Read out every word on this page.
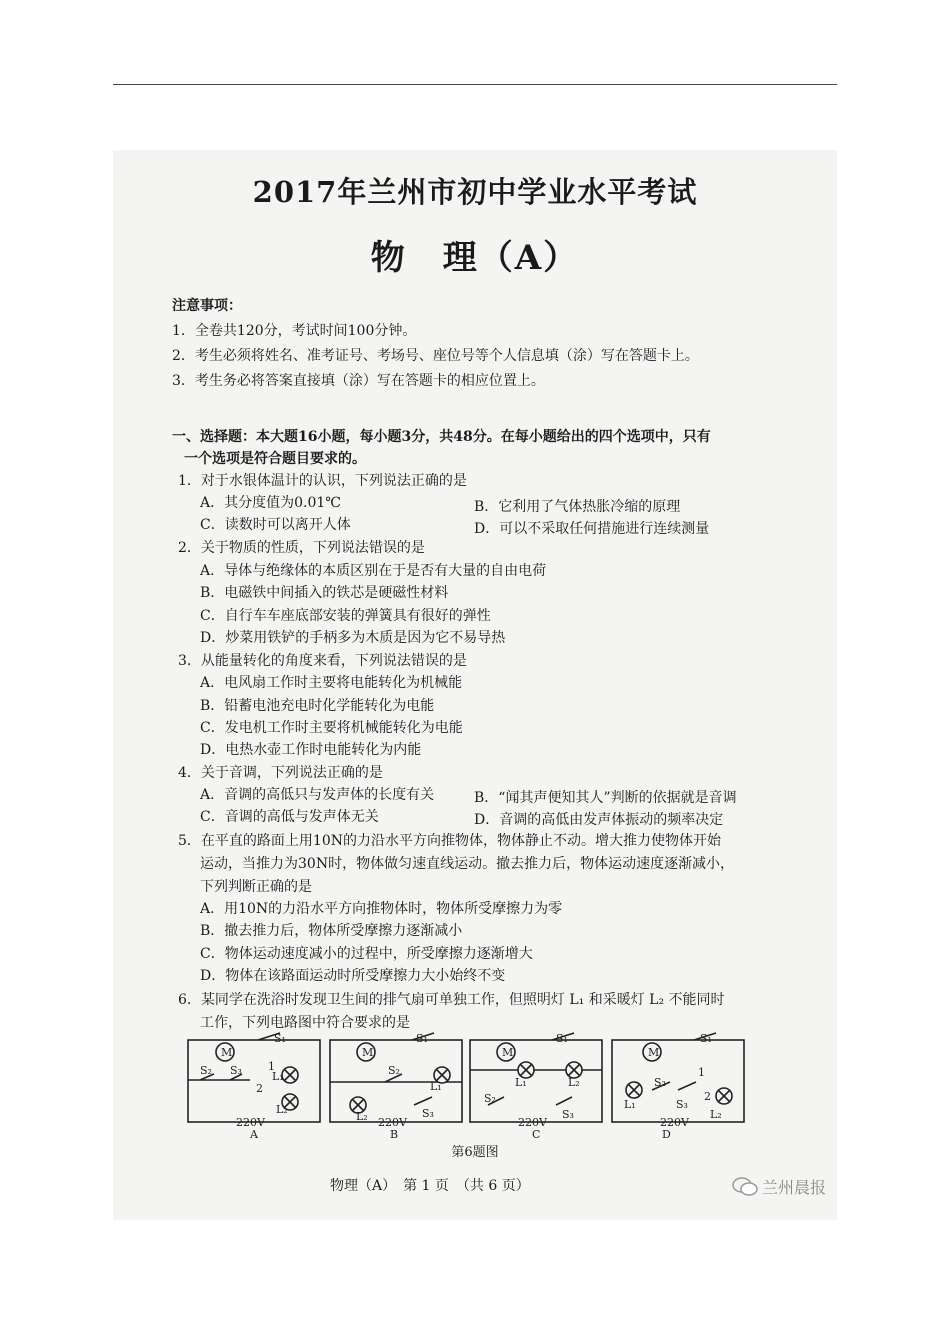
2017年兰州市初中学业水平考试
物　理（A）
注意事项：
1．全卷共120分，考试时间100分钟。
2．考生必须将姓名、准考证号、考场号、座位号等个人信息填（涂）写在答题卡上。
3．考生务必将答案直接填（涂）写在答题卡的相应位置上。
一、选择题：本大题16小题，每小题3分，共48分。在每小题给出的四个选项中，只有
一个选项是符合题目要求的。
1．对于水银体温计的认识，下列说法正确的是
A．其分度值为0.01℃	B．它利用了气体热胀冷缩的原理
C．读数时可以离开人体	D．可以不采取任何措施进行连续测量
2．关于物质的性质，下列说法错误的是
A．导体与绝缘体的本质区别在于是否有大量的自由电荷
B．电磁铁中间插入的铁芯是硬磁性材料
C．自行车车座底部安装的弹簧具有很好的弹性
D．炒菜用铁铲的手柄多为木质是因为它不易导热
3．从能量转化的角度来看，下列说法错误的是
A．电风扇工作时主要将电能转化为机械能
B．铅蓄电池充电时化学能转化为电能
C．发电机工作时主要将机械能转化为电能
D．电热水壶工作时电能转化为内能
4．关于音调，下列说法正确的是
A．音调的高低只与发声体的长度有关	B．“闻其声便知其人”判断的依据就是音调
C．音调的高低与发声体无关	D．音调的高低由发声体振动的频率决定
5．在平直的路面上用10N的力沿水平方向推物体，物体静止不动。增大推力使物体开始
运动，当推力为30N时，物体做匀速直线运动。撤去推力后，物体运动速度逐渐减小，
下列判断正确的是
A．用10N的力沿水平方向推物体时，物体所受摩擦力为零
B．撤去推力后，物体所受摩擦力逐渐减小
C．物体运动速度减小的过程中，所受摩擦力逐渐增大
D．物体在该路面运动时所受摩擦力大小始终不变
6．某同学在洗浴时发现卫生间的排气扇可单独工作，但照明灯 L₁ 和采暖灯 L₂ 不能同时
工作，下列电路图中符合要求的是
M	M	M	M
S₁	S₁	S₁	S₁
S₂ S₃	S₂
S₃
S₂
S₃
S₂
S₃
L₁
L₂
L₁
L₂
L₁	L₂
L₁
L₂
1
2
1
2
220V	220V	220V	220V
A	B	C	D
第6题图
物理（A）　第 1 页　（共 6 页）	兰州晨报
